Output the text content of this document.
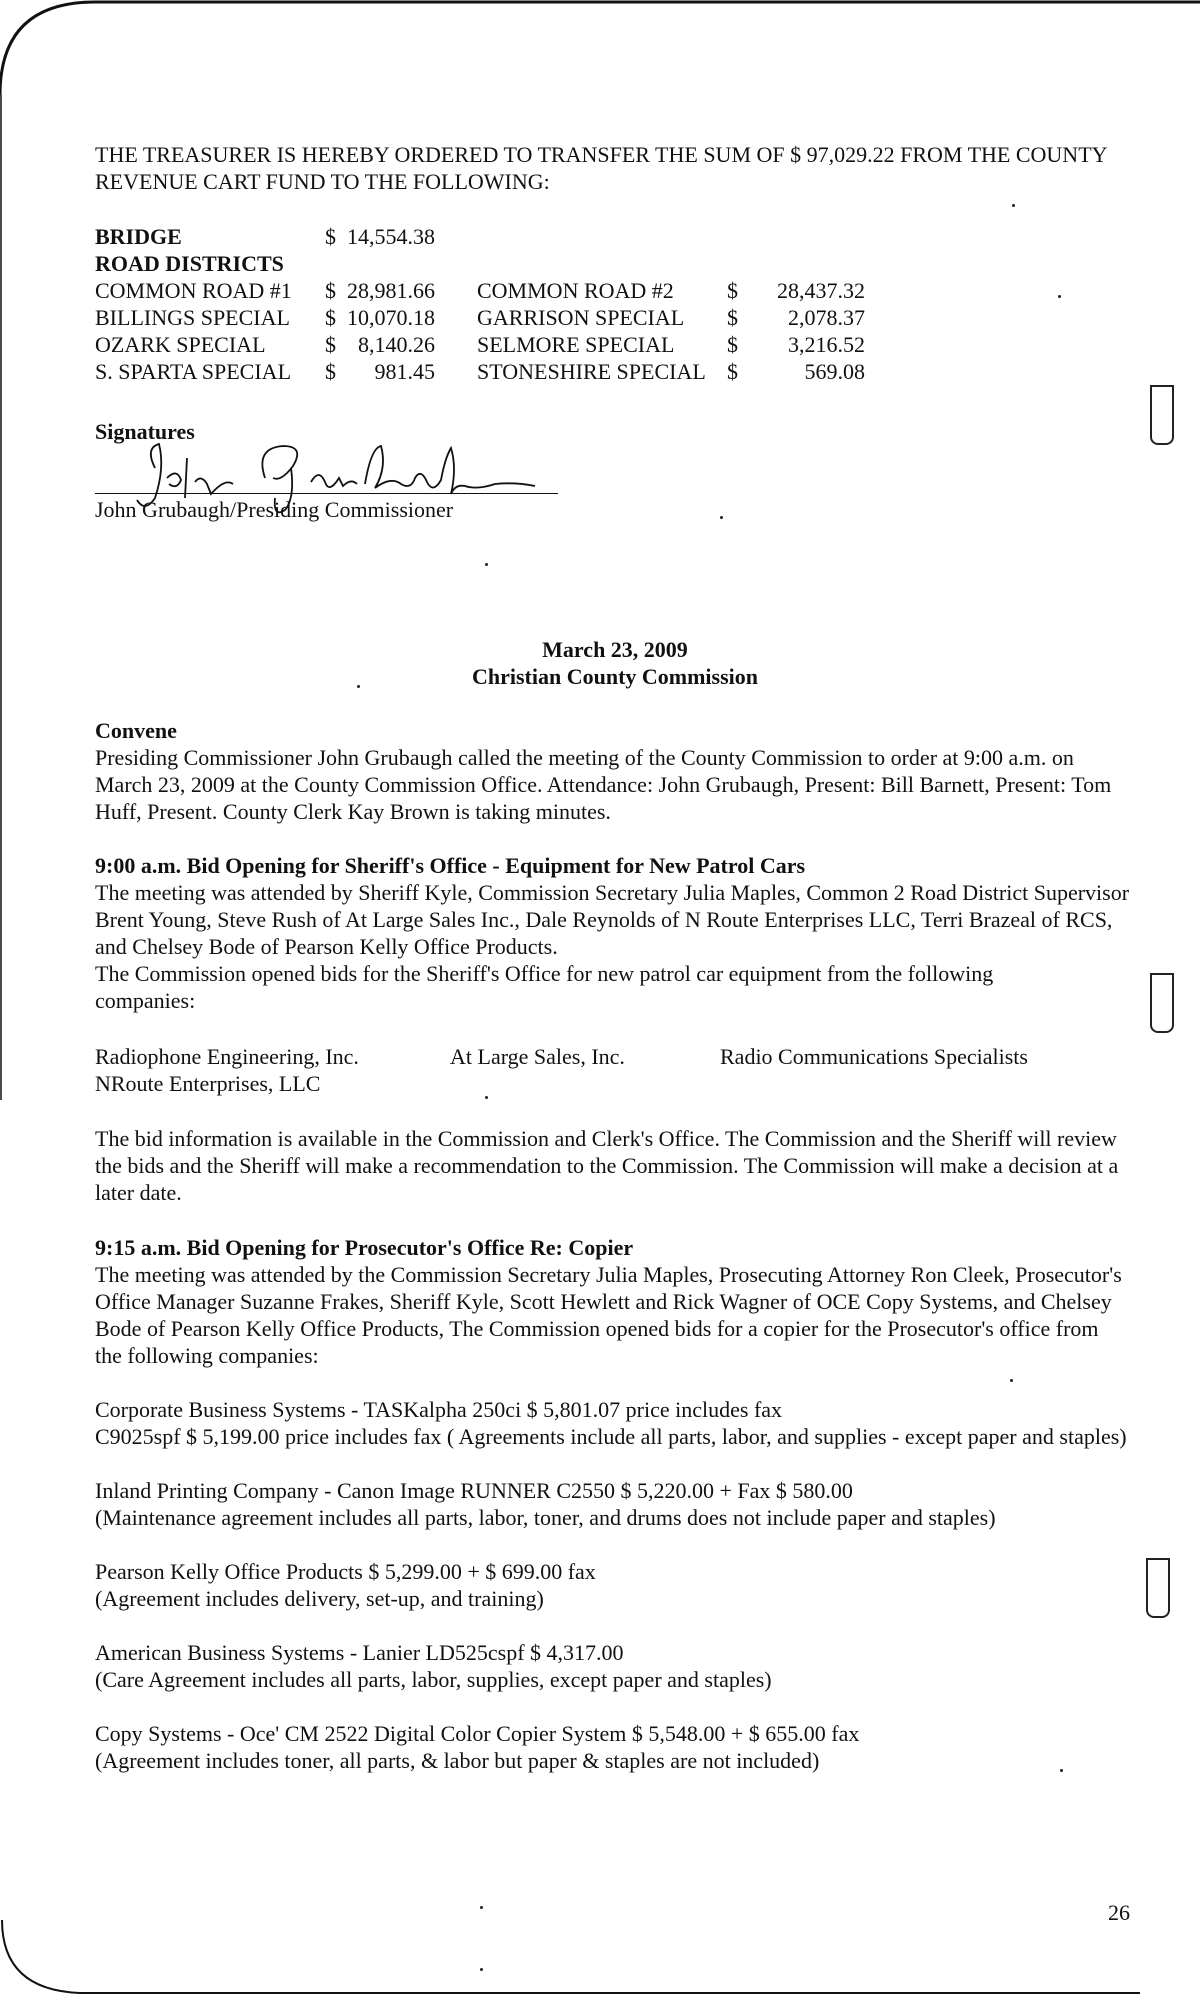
THE TREASURER IS HEREBY ORDERED TO TRANSFER THE SUM OF $ 97,029.22 FROM THE COUNTY REVENUE CART FUND TO THE FOLLOWING:

BRIDGE	$	14,554.38			
ROAD DISTRICTS					
COMMON ROAD #1	$	28,981.66	COMMON ROAD #2	$	28,437.32
BILLINGS SPECIAL	$	10,070.18	GARRISON SPECIAL	$	2,078.37
OZARK SPECIAL	$	8,140.26	SELMORE SPECIAL	$	3,216.52
S. SPARTA SPECIAL	$	981.45	STONESHIRE SPECIAL	$	569.08
Signatures
John Grubaugh/Presiding Commissioner
March 23, 2009
Christian County Commission
Convene

Presiding Commissioner John Grubaugh called the meeting of the County Commission to order at 9:00 a.m. on March 23, 2009 at the County Commission Office. Attendance: John Grubaugh, Present: Bill Barnett, Present: Tom Huff, Present. County Clerk Kay Brown is taking minutes.

9:00 a.m. Bid Opening for Sheriff's Office - Equipment for New Patrol Cars

The meeting was attended by Sheriff Kyle, Commission Secretary Julia Maples, Common 2 Road District Supervisor Brent Young, Steve Rush of At Large Sales Inc., Dale Reynolds of N Route Enterprises LLC, Terri Brazeal of RCS, and Chelsey Bode of Pearson Kelly Office Products.

The Commission opened bids for the Sheriff's Office for new patrol car equipment from the following companies:

Radiophone Engineering, Inc.	At Large Sales, Inc.	Radio Communications Specialists
NRoute Enterprises, LLC

The bid information is available in the Commission and Clerk's Office. The Commission and the Sheriff will review the bids and the Sheriff will make a recommendation to the Commission. The Commission will make a decision at a later date.

9:15 a.m. Bid Opening for Prosecutor's Office Re: Copier

The meeting was attended by the Commission Secretary Julia Maples, Prosecuting Attorney Ron Cleek, Prosecutor's Office Manager Suzanne Frakes, Sheriff Kyle, Scott Hewlett and Rick Wagner of OCE Copy Systems, and Chelsey Bode of Pearson Kelly Office Products, The Commission opened bids for a copier for the Prosecutor's office from the following companies:

Corporate Business Systems - TASKalpha 250ci $ 5,801.07 price includes fax

C9025spf $ 5,199.00 price includes fax ( Agreements include all parts, labor, and supplies - except paper and staples)

Inland Printing Company - Canon Image RUNNER C2550 $ 5,220.00 + Fax $ 580.00

(Maintenance agreement includes all parts, labor, toner, and drums does not include paper and staples)

Pearson Kelly Office Products $ 5,299.00 + $ 699.00 fax

(Agreement includes delivery, set-up, and training)

American Business Systems - Lanier LD525cspf $ 4,317.00

(Care Agreement includes all parts, labor, supplies, except paper and staples)

Copy Systems - Oce' CM 2522 Digital Color Copier System $ 5,548.00 + $ 655.00 fax

(Agreement includes toner, all parts, & labor but paper & staples are not included)

26
